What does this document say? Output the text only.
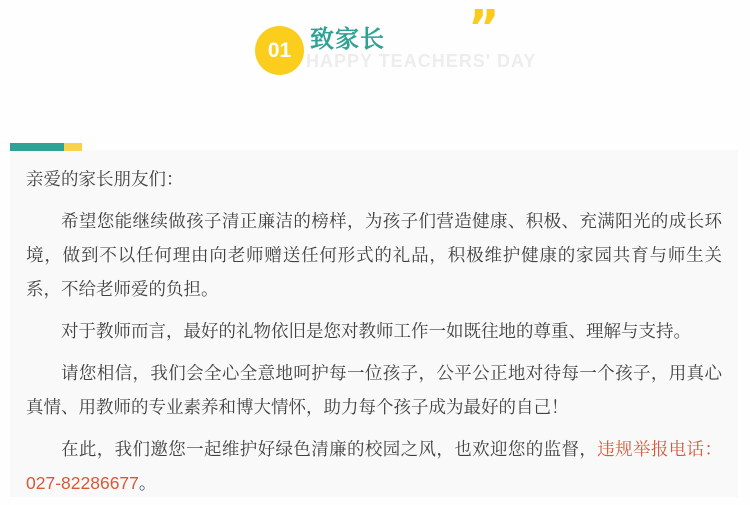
01 致家长
HAPPY TEACHERS' DAY
”

亲爱的家长朋友们：

希望您能继续做孩子清正廉洁的榜样，为孩子们营造健康、积极、充满阳光的成长环境，做到不以任何理由向老师赠送任何形式的礼品，积极维护健康的家园共育与师生关系，不给老师爱的负担。

对于教师而言，最好的礼物依旧是您对教师工作一如既往地的尊重、理解与支持。

请您相信，我们会全心全意地呵护每一位孩子，公平公正地对待每一个孩子，用真心真情、用教师的专业素养和博大情怀，助力每个孩子成为最好的自己！

在此，我们邀您一起维护好绿色清廉的校园之风，也欢迎您的监督，违规举报电话：027-82286677。
